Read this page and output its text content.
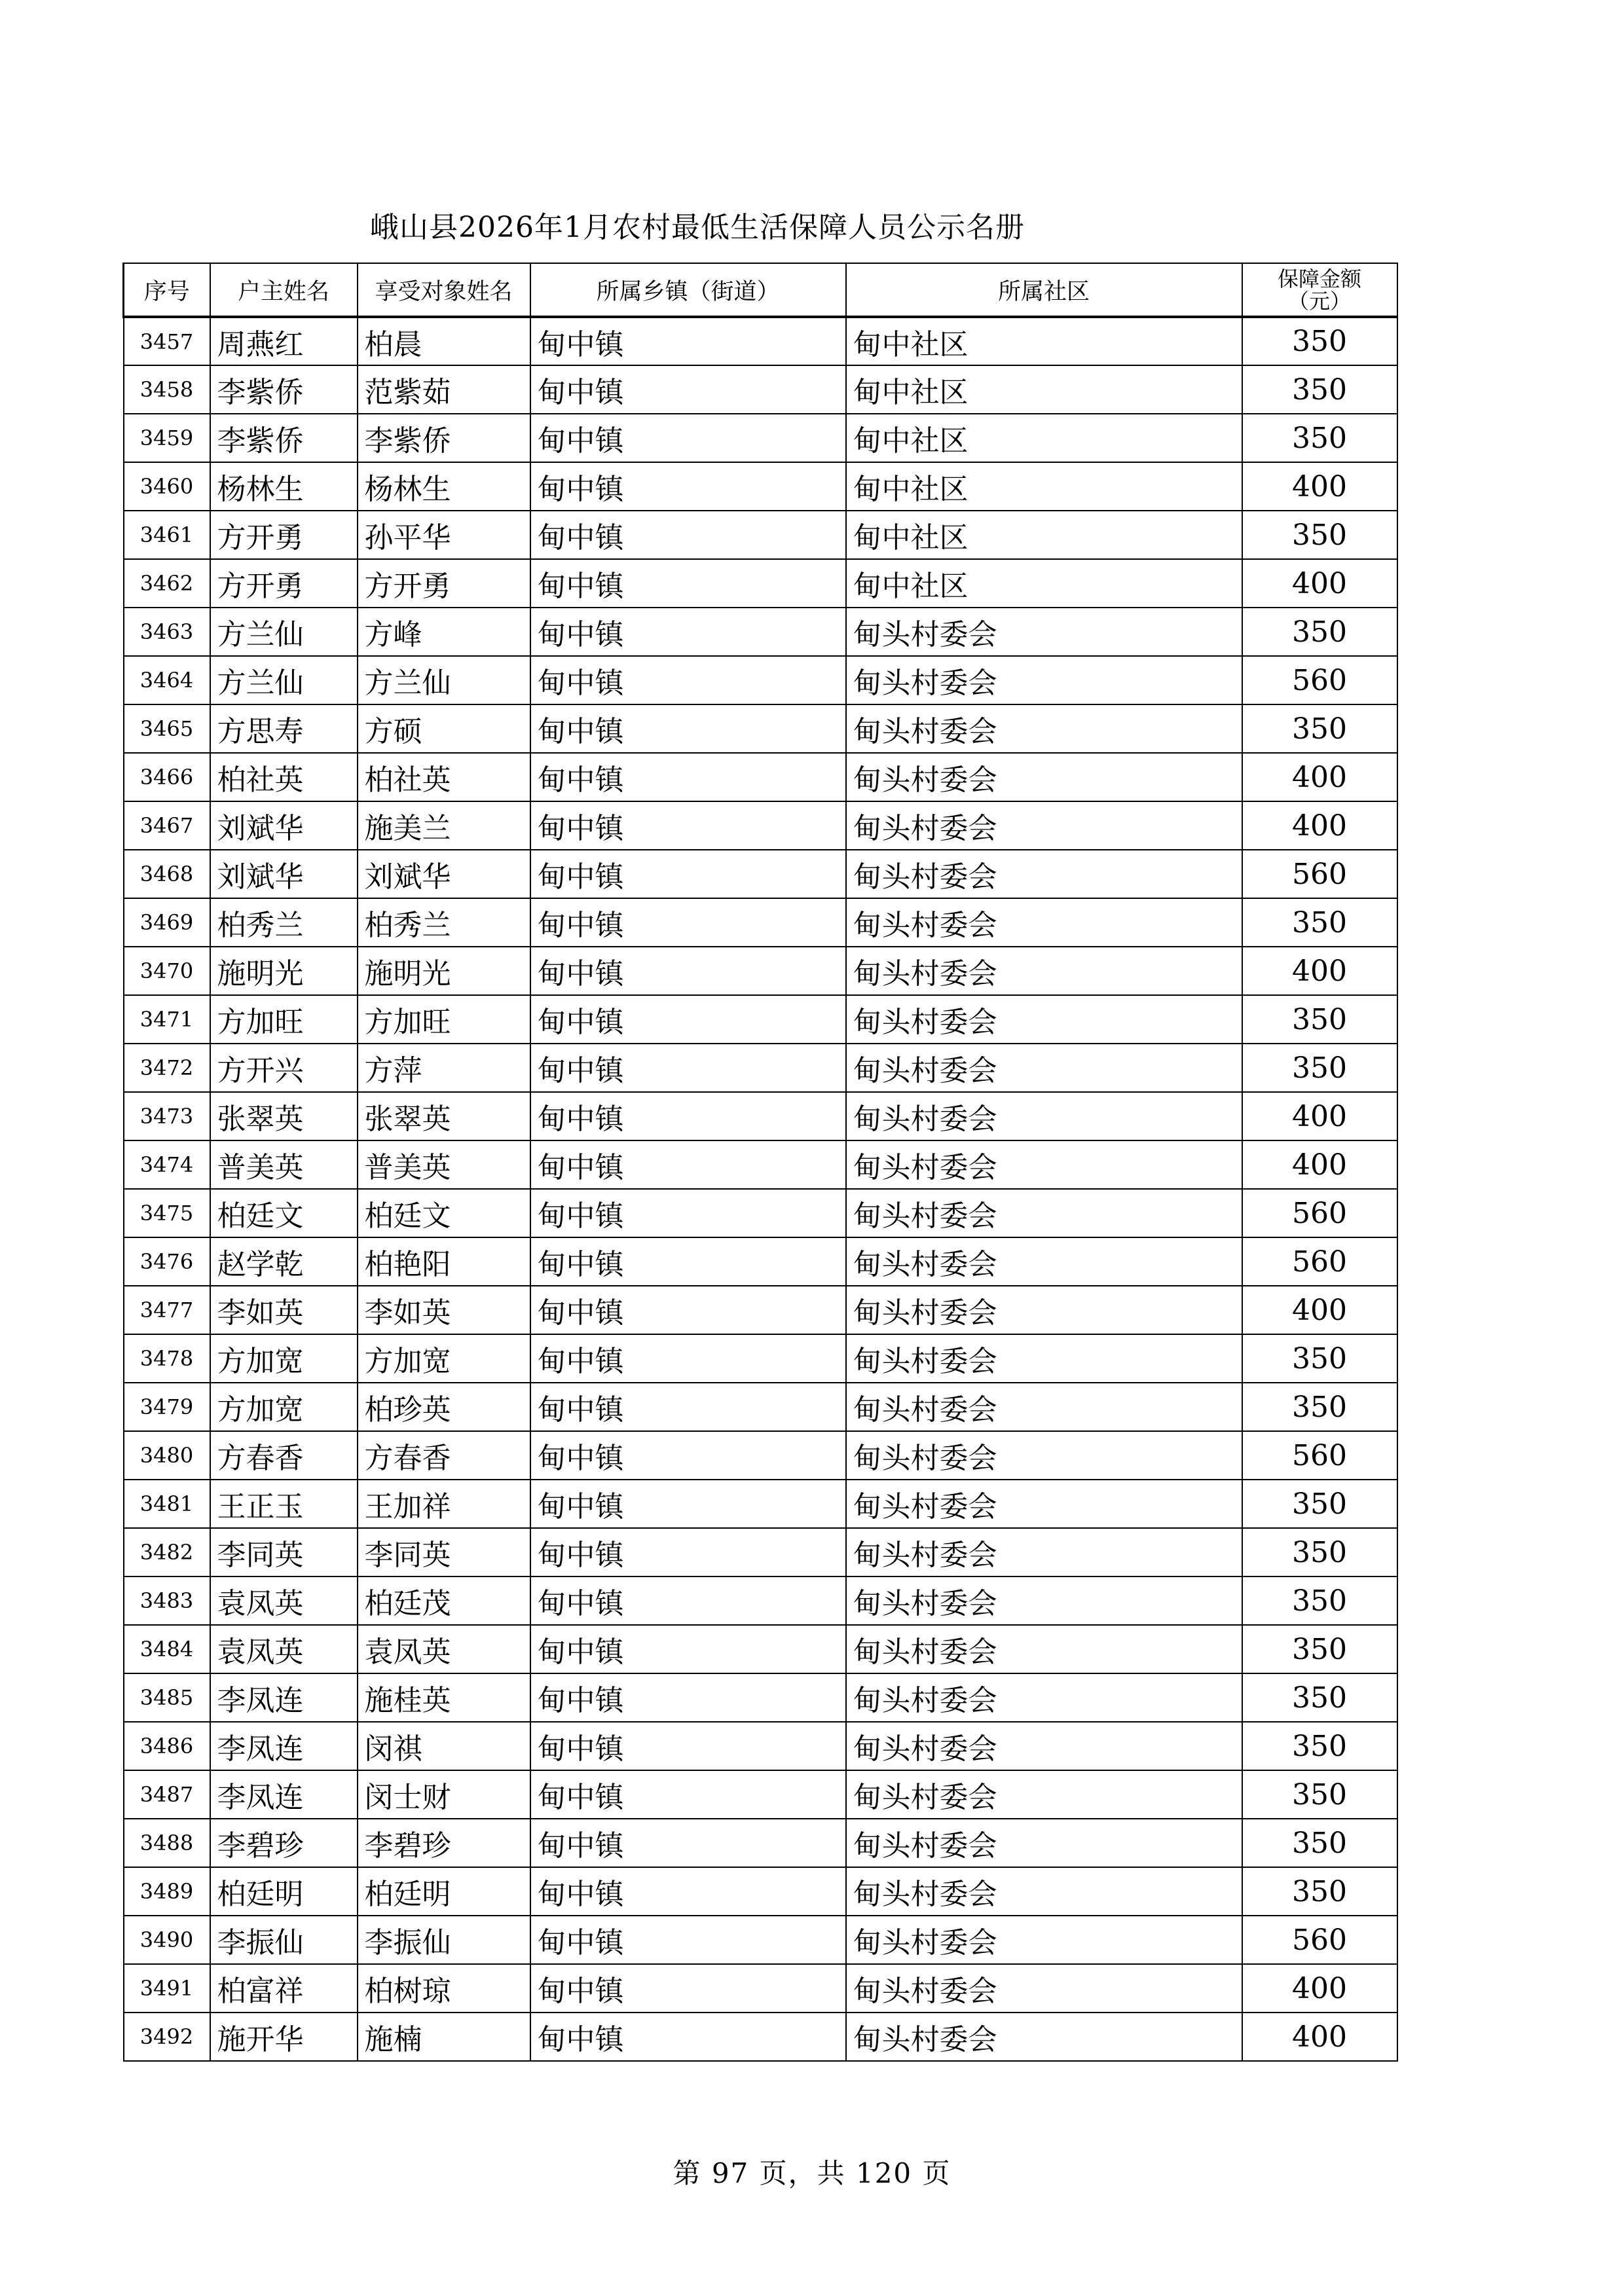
峨山县2026年1月农村最低生活保障人员公示名册
序号	户主姓名	享受对象姓名	所属乡镇（街道）	所属社区	保障金额
（元）

3457	周燕红	柏晨	甸中镇	甸中社区	350
3458	李紫侨	范紫茹	甸中镇	甸中社区	350
3459	李紫侨	李紫侨	甸中镇	甸中社区	350
3460	杨林生	杨林生	甸中镇	甸中社区	400
3461	方开勇	孙平华	甸中镇	甸中社区	350
3462	方开勇	方开勇	甸中镇	甸中社区	400
3463	方兰仙	方峰	甸中镇	甸头村委会	350
3464	方兰仙	方兰仙	甸中镇	甸头村委会	560
3465	方思寿	方硕	甸中镇	甸头村委会	350
3466	柏社英	柏社英	甸中镇	甸头村委会	400
3467	刘斌华	施美兰	甸中镇	甸头村委会	400
3468	刘斌华	刘斌华	甸中镇	甸头村委会	560
3469	柏秀兰	柏秀兰	甸中镇	甸头村委会	350
3470	施明光	施明光	甸中镇	甸头村委会	400
3471	方加旺	方加旺	甸中镇	甸头村委会	350
3472	方开兴	方萍	甸中镇	甸头村委会	350
3473	张翠英	张翠英	甸中镇	甸头村委会	400
3474	普美英	普美英	甸中镇	甸头村委会	400
3475	柏廷文	柏廷文	甸中镇	甸头村委会	560
3476	赵学乾	柏艳阳	甸中镇	甸头村委会	560
3477	李如英	李如英	甸中镇	甸头村委会	400
3478	方加宽	方加宽	甸中镇	甸头村委会	350
3479	方加宽	柏珍英	甸中镇	甸头村委会	350
3480	方春香	方春香	甸中镇	甸头村委会	560
3481	王正玉	王加祥	甸中镇	甸头村委会	350
3482	李同英	李同英	甸中镇	甸头村委会	350
3483	袁凤英	柏廷茂	甸中镇	甸头村委会	350
3484	袁凤英	袁凤英	甸中镇	甸头村委会	350
3485	李凤连	施桂英	甸中镇	甸头村委会	350
3486	李凤连	闵祺	甸中镇	甸头村委会	350
3487	李凤连	闵士财	甸中镇	甸头村委会	350
3488	李碧珍	李碧珍	甸中镇	甸头村委会	350
3489	柏廷明	柏廷明	甸中镇	甸头村委会	350
3490	李振仙	李振仙	甸中镇	甸头村委会	560
3491	柏富祥	柏树琼	甸中镇	甸头村委会	400
3492	施开华	施楠	甸中镇	甸头村委会	400
第 97 页，共 120 页
